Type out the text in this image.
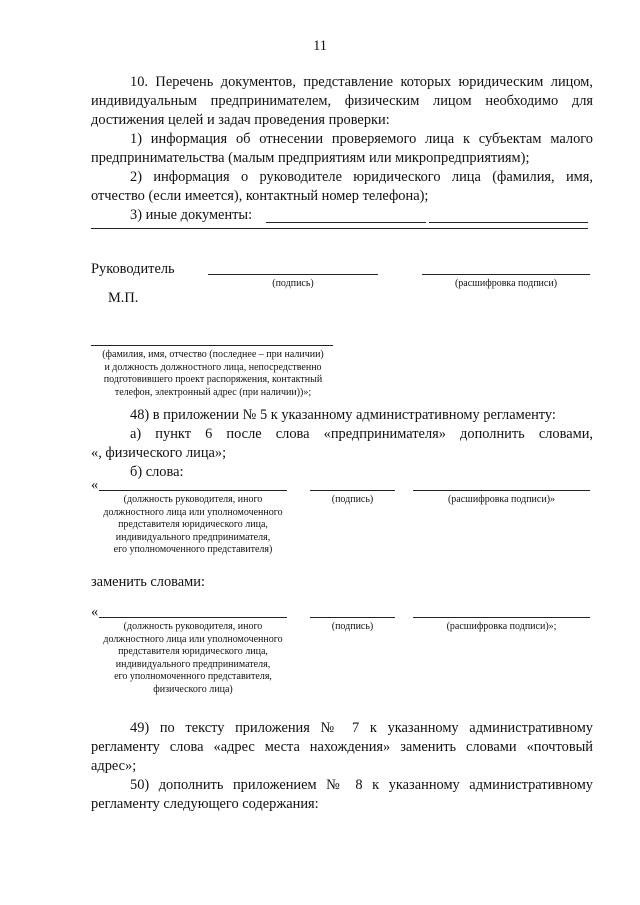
11
10. Перечень документов, представление которых юридическим лицом,
индивидуальным предпринимателем, физическим лицом необходимо для
достижения целей и задач проведения проверки:
1) информация об отнесении проверяемого лица к субъектам малого
предпринимательства (малым предприятиям или микропредприятиям);
2) информация о руководителе юридического лица (фамилия, имя,
отчество (если имеется), контактный номер телефона);
3) иные документы:
Руководитель
(подпись)	(расшифровка подписи)
М.П.
(фамилия, имя, отчество (последнее – при наличии)
и должность должностного лица, непосредственно
подготовившего проект распоряжения, контактный
телефон, электронный адрес (при наличии))»;
48) в приложении № 5 к указанному административному регламенту:
а) пункт 6 после слова «предпринимателя» дополнить словами,
«, физического лица»;
б) слова:
«
(должность руководителя, иного
должностного лица или уполномоченного
представителя юридического лица,
индивидуального предпринимателя,
его уполномоченного представителя)
(подпись)	(расшифровка подписи)»
заменить словами:
«
(должность руководителя, иного
должностного лица или уполномоченного
представителя юридического лица,
индивидуального предпринимателя,
его уполномоченного представителя,
физического лица)
(подпись)	(расшифровка подписи)»;
49) по тексту приложения № 7 к указанному административному
регламенту слова «адрес места нахождения» заменить словами «почтовый
адрес»;
50) дополнить приложением № 8 к указанному административному
регламенту следующего содержания:
